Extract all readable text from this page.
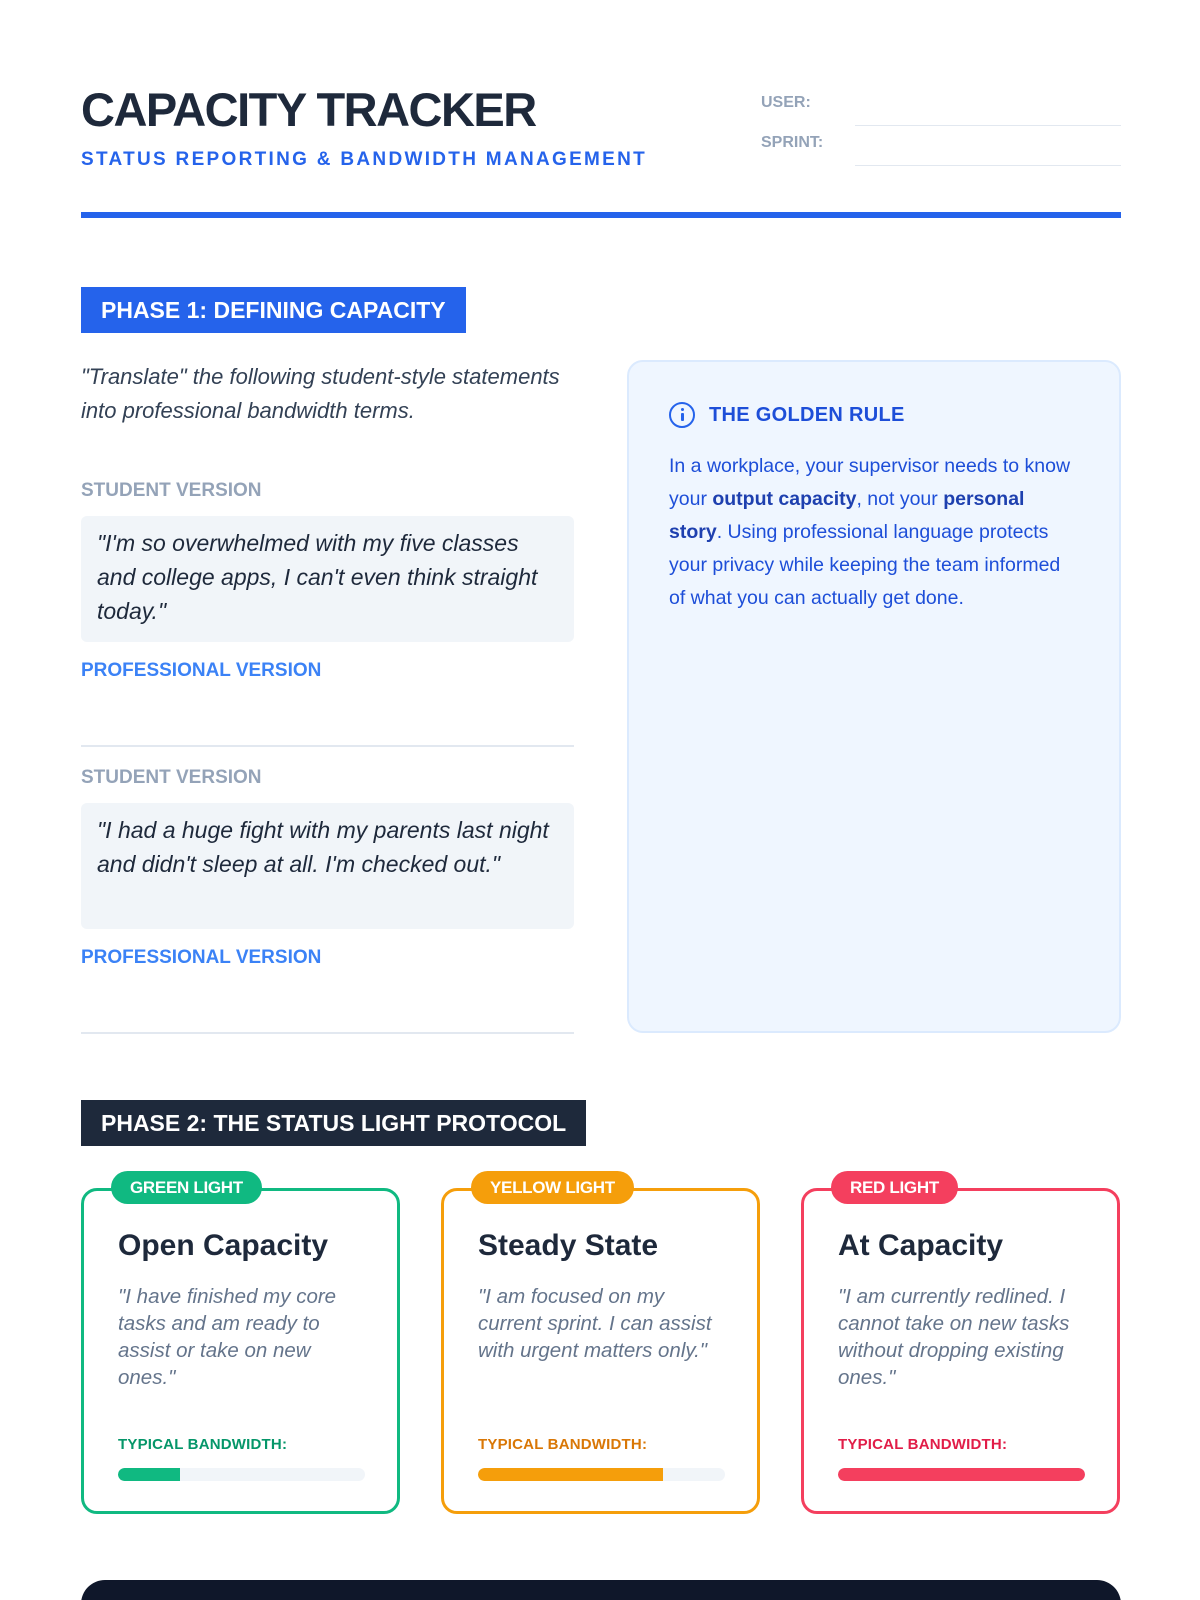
CAPACITY TRACKER
STATUS REPORTING & BANDWIDTH MANAGEMENT
USER:
SPRINT:
PHASE 1: DEFINING CAPACITY
"Translate" the following student-style statements into professional bandwidth terms.
STUDENT VERSION
"I'm so overwhelmed with my five classes and college apps, I can't even think straight today."
PROFESSIONAL VERSION
STUDENT VERSION
"I had a huge fight with my parents last night and didn't sleep at all. I'm checked out."
PROFESSIONAL VERSION
THE GOLDEN RULE

In a workplace, your supervisor needs to know your output capacity, not your personal story. Using professional language protects your privacy while keeping the team informed of what you can actually get done.

PHASE 2: THE STATUS LIGHT PROTOCOL
GREEN LIGHT
Open Capacity
"I have finished my core tasks and am ready to assist or take on new ones."
TYPICAL BANDWIDTH:
YELLOW LIGHT
Steady State
"I am focused on my current sprint. I can assist with urgent matters only."
TYPICAL BANDWIDTH:
RED LIGHT
At Capacity
"I am currently redlined. I cannot take on new tasks without dropping existing ones."
TYPICAL BANDWIDTH:
